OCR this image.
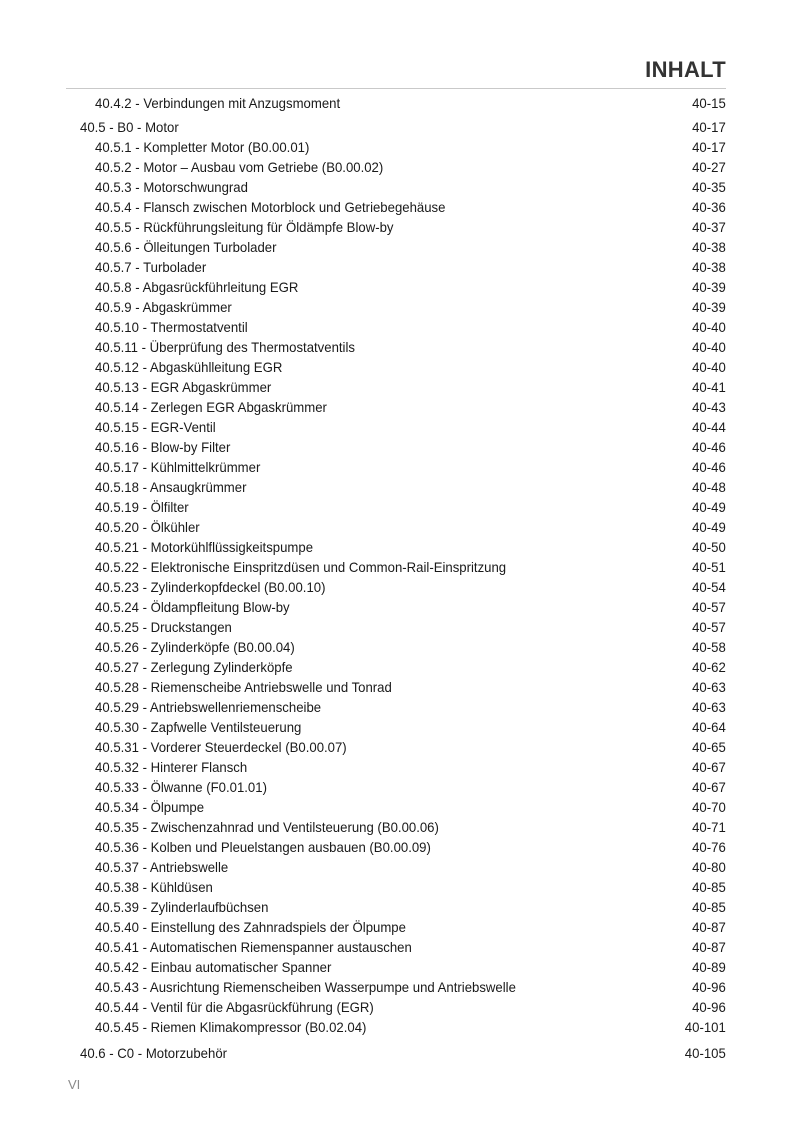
INHALT
40.4.2 - Verbindungen mit Anzugsmoment	40-15
40.5 - B0 - Motor	40-17
40.5.1 - Kompletter Motor (B0.00.01)	40-17
40.5.2 - Motor – Ausbau vom Getriebe (B0.00.02)	40-27
40.5.3 - Motorschwungrad	40-35
40.5.4 - Flansch zwischen Motorblock und Getriebegehäuse	40-36
40.5.5 - Rückführungsleitung für Öldämpfe Blow-by	40-37
40.5.6 - Ölleitungen Turbolader	40-38
40.5.7 - Turbolader	40-38
40.5.8 - Abgasrückführleitung EGR	40-39
40.5.9 - Abgaskrümmer	40-39
40.5.10 - Thermostatventil	40-40
40.5.11 - Überprüfung des Thermostatventils	40-40
40.5.12 - Abgaskühlleitung EGR	40-40
40.5.13 - EGR Abgaskrümmer	40-41
40.5.14 - Zerlegen EGR Abgaskrümmer	40-43
40.5.15 - EGR-Ventil	40-44
40.5.16 - Blow-by Filter	40-46
40.5.17 - Kühlmittelkrümmer	40-46
40.5.18 - Ansaugkrümmer	40-48
40.5.19 - Ölfilter	40-49
40.5.20 - Ölkühler	40-49
40.5.21 - Motorkühlflüssigkeitspumpe	40-50
40.5.22 - Elektronische Einspritzdüsen und Common-Rail-Einspritzung	40-51
40.5.23 - Zylinderkopfdeckel (B0.00.10)	40-54
40.5.24 - Öldampfleitung Blow-by	40-57
40.5.25 - Druckstangen	40-57
40.5.26 - Zylinderköpfe (B0.00.04)	40-58
40.5.27 - Zerlegung Zylinderköpfe	40-62
40.5.28 - Riemenscheibe Antriebswelle und Tonrad	40-63
40.5.29 - Antriebswellenriemenscheibe	40-63
40.5.30 - Zapfwelle Ventilsteuerung	40-64
40.5.31 - Vorderer Steuerdeckel (B0.00.07)	40-65
40.5.32 - Hinterer Flansch	40-67
40.5.33 - Ölwanne (F0.01.01)	40-67
40.5.34 - Ölpumpe	40-70
40.5.35 - Zwischenzahnrad und Ventilsteuerung (B0.00.06)	40-71
40.5.36 - Kolben und Pleuelstangen ausbauen (B0.00.09)	40-76
40.5.37 - Antriebswelle	40-80
40.5.38 - Kühldüsen	40-85
40.5.39 - Zylinderlaufbüchsen	40-85
40.5.40 - Einstellung des Zahnradspiels der Ölpumpe	40-87
40.5.41 - Automatischen Riemenspanner austauschen	40-87
40.5.42 - Einbau automatischer Spanner	40-89
40.5.43 - Ausrichtung Riemenscheiben Wasserpumpe und Antriebswelle	40-96
40.5.44 - Ventil für die Abgasrückführung (EGR)	40-96
40.5.45 - Riemen Klimakompressor (B0.02.04)	40-101
40.6 - C0 - Motorzubehör	40-105
VI
